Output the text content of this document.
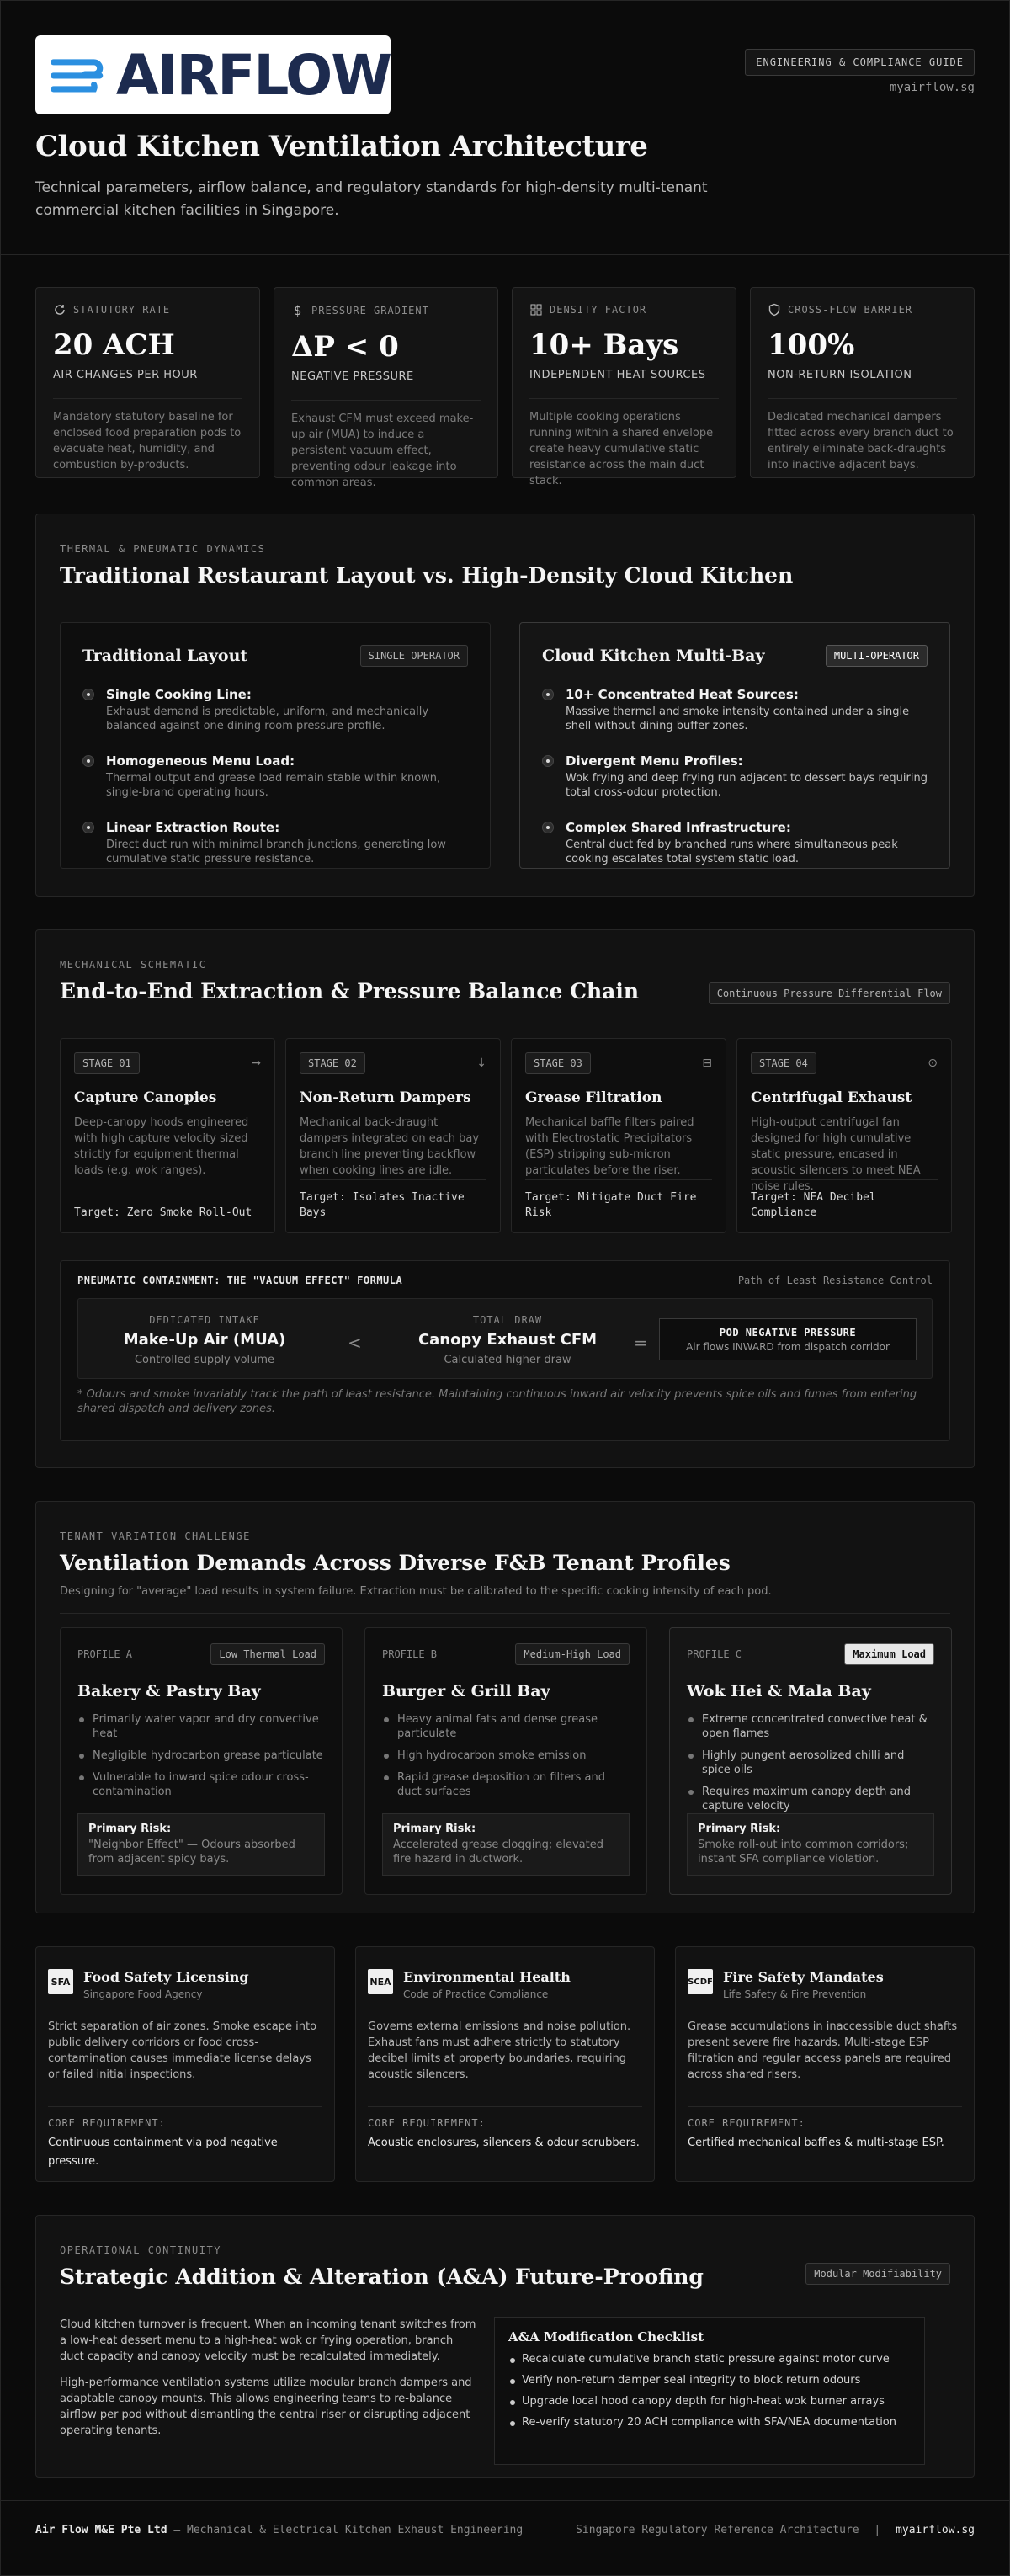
AIRFLOW	ENGINEERING & COMPLIANCE GUIDE
myairflow.sg
Cloud Kitchen Ventilation Architecture

Technical parameters, airflow balance, and regulatory standards for high-density multi-tenant commercial kitchen facilities in Singapore.

STATUTORY RATE
20 ACH
AIR CHANGES PER HOUR
Mandatory statutory baseline for enclosed food preparation pods to evacuate heat, humidity, and combustion by-products.
$ PRESSURE GRADIENT
ΔP < 0
NEGATIVE PRESSURE
Exhaust CFM must exceed make-up air (MUA) to induce a persistent vacuum effect, preventing odour leakage into common areas.
DENSITY FACTOR
10+ Bays
INDEPENDENT HEAT SOURCES
Multiple cooking operations running within a shared envelope create heavy cumulative static resistance across the main duct stack.
CROSS-FLOW BARRIER
100%
NON-RETURN ISOLATION
Dedicated mechanical dampers fitted across every branch duct to entirely eliminate back-draughts into inactive adjacent bays.
THERMAL & PNEUMATIC DYNAMICS
Traditional Restaurant Layout vs. High-Density Cloud Kitchen
Traditional Layout	SINGLE OPERATOR
Single Cooking Line:
Exhaust demand is predictable, uniform, and mechanically balanced against one dining room pressure profile.
Homogeneous Menu Load:
Thermal output and grease load remain stable within known, single-brand operating hours.
Linear Extraction Route:
Direct duct run with minimal branch junctions, generating low cumulative static pressure resistance.
Cloud Kitchen Multi-Bay	MULTI-OPERATOR
10+ Concentrated Heat Sources:
Massive thermal and smoke intensity contained under a single shell without dining buffer zones.
Divergent Menu Profiles:
Wok frying and deep frying run adjacent to dessert bays requiring total cross-odour protection.
Complex Shared Infrastructure:
Central duct fed by branched runs where simultaneous peak cooking escalates total system static load.
MECHANICAL SCHEMATIC
End-to-End Extraction & Pressure Balance Chain	Continuous Pressure Differential Flow
STAGE 01	→
Capture Canopies
Deep-canopy hoods engineered with high capture velocity sized strictly for equipment thermal loads (e.g. wok ranges).
Target: Zero Smoke Roll-Out
STAGE 02	↓
Non-Return Dampers
Mechanical back-draught dampers integrated on each bay branch line preventing backflow when cooking lines are idle.
Target: Isolates Inactive Bays
STAGE 03	⊟
Grease Filtration
Mechanical baffle filters paired with Electrostatic Precipitators (ESP) stripping sub-micron particulates before the riser.
Target: Mitigate Duct Fire Risk
STAGE 04	⊙
Centrifugal Exhaust
High-output centrifugal fan designed for high cumulative static pressure, encased in acoustic silencers to meet NEA noise rules.
Target: NEA Decibel Compliance
PNEUMATIC CONTAINMENT: THE "VACUUM EFFECT" FORMULA	Path of Least Resistance Control
DEDICATED INTAKE
Make-Up Air (MUA)
Controlled supply volume
<
TOTAL DRAW
Canopy Exhaust CFM
Calculated higher draw
=	POD NEGATIVE PRESSURE
Air flows INWARD from dispatch corridor
* Odours and smoke invariably track the path of least resistance. Maintaining continuous inward air velocity prevents spice oils and fumes from entering shared dispatch and delivery zones.
TENANT VARIATION CHALLENGE
Ventilation Demands Across Diverse F&B Tenant Profiles
Designing for "average" load results in system failure. Extraction must be calibrated to the specific cooking intensity of each pod.
PROFILE A	Low Thermal Load
Bakery & Pastry Bay
Primarily water vapor and dry convective heat
Negligible hydrocarbon grease particulate
Vulnerable to inward spice odour cross-contamination
Primary Risk:
"Neighbor Effect" — Odours absorbed from adjacent spicy bays.
PROFILE B	Medium-High Load
Burger & Grill Bay
Heavy animal fats and dense grease particulate
High hydrocarbon smoke emission
Rapid grease deposition on filters and duct surfaces
Primary Risk:
Accelerated grease clogging; elevated fire hazard in ductwork.
PROFILE C	Maximum Load
Wok Hei & Mala Bay
Extreme concentrated convective heat & open flames
Highly pungent aerosolized chilli and spice oils
Requires maximum canopy depth and capture velocity
Primary Risk:
Smoke roll-out into common corridors; instant SFA compliance violation.
SFA Food Safety Licensing
Singapore Food Agency
Strict separation of air zones. Smoke escape into public delivery corridors or food cross-contamination causes immediate license delays or failed initial inspections.
CORE REQUIREMENT:
Continuous containment via pod negative pressure.
NEA Environmental Health
Code of Practice Compliance
Governs external emissions and noise pollution. Exhaust fans must adhere strictly to statutory decibel limits at property boundaries, requiring acoustic silencers.
CORE REQUIREMENT:
Acoustic enclosures, silencers & odour scrubbers.
SCDF Fire Safety Mandates
Life Safety & Fire Prevention
Grease accumulations in inaccessible duct shafts present severe fire hazards. Multi-stage ESP filtration and regular access panels are required across shared risers.
CORE REQUIREMENT:
Certified mechanical baffles & multi-stage ESP.
OPERATIONAL CONTINUITY
Strategic Addition & Alteration (A&A) Future-Proofing	Modular Modifiability

Cloud kitchen turnover is frequent. When an incoming tenant switches from a low-heat dessert menu to a high-heat wok or frying operation, branch duct capacity and canopy velocity must be recalculated immediately.

High-performance ventilation systems utilize modular branch dampers and adaptable canopy mounts. This allows engineering teams to re-balance airflow per pod without dismantling the central riser or disrupting adjacent operating tenants.

A&A Modification Checklist
Recalculate cumulative branch static pressure against motor curve
Verify non-return damper seal integrity to block return odours
Upgrade local hood canopy depth for high-heat wok burner arrays
Re-verify statutory 20 ACH compliance with SFA/NEA documentation
Air Flow M&E Pte Ltd — Mechanical & Electrical Kitchen Exhaust Engineering	Singapore Regulatory Reference Architecture | myairflow.sg
